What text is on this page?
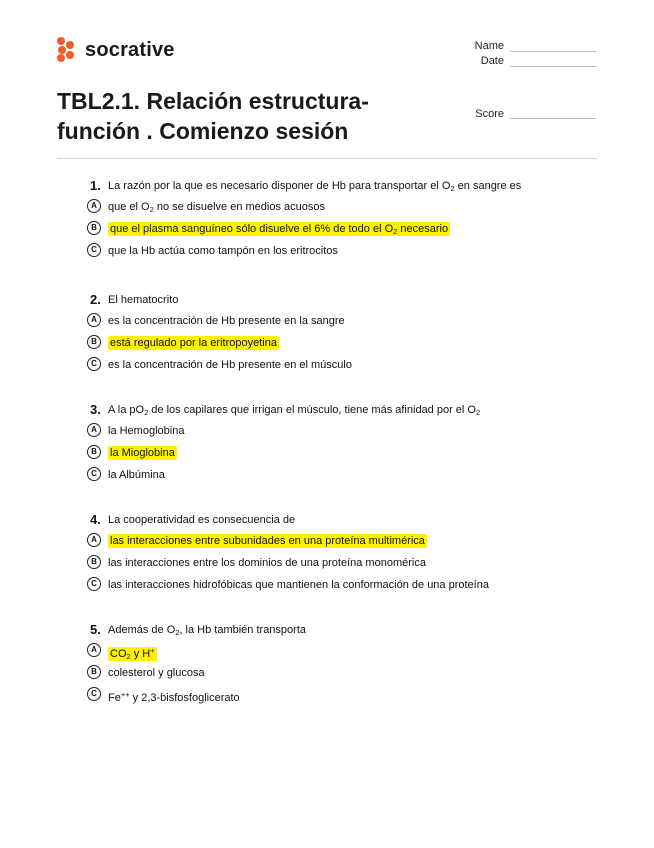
socrative	Name
Date
Score
TBL2.1. Relación estructura-
función . Comienzo sesión
1. La razón por la que es necesario disponer de Hb para transportar el $O_2$ en sangre es
A	que el $O_2$ no se disuelve en medios acuosos
B	que el plasma sanguíneo sólo disuelve el 6% de todo el $O_2$ necesario
C	que la Hb actúa como tampón en los eritrocitos
2. El hematocrito
A	es la concentración de Hb presente en la sangre
B	está regulado por la eritropoyetina
C	es la concentración de Hb presente en el músculo
3. A la $pO_2$ de los capilares que irrigan el músculo, tiene más afinidad por el $O_2$
A	la Hemoglobina
B	la Mioglobina
C	la Albúmina
4. La cooperatividad es consecuencia de
A	las interacciones entre subunidades en una proteína multimérica
B	las interacciones entre los dominios de una proteína monomérica
C	las interacciones hidrofóbicas que mantienen la conformación de una proteína
5. Además de $O_2$, la Hb también transporta
A	$CO_2$ y H+
B	colesterol y glucosa
C	Fe++ y 2,3-bisfosfoglicerato
